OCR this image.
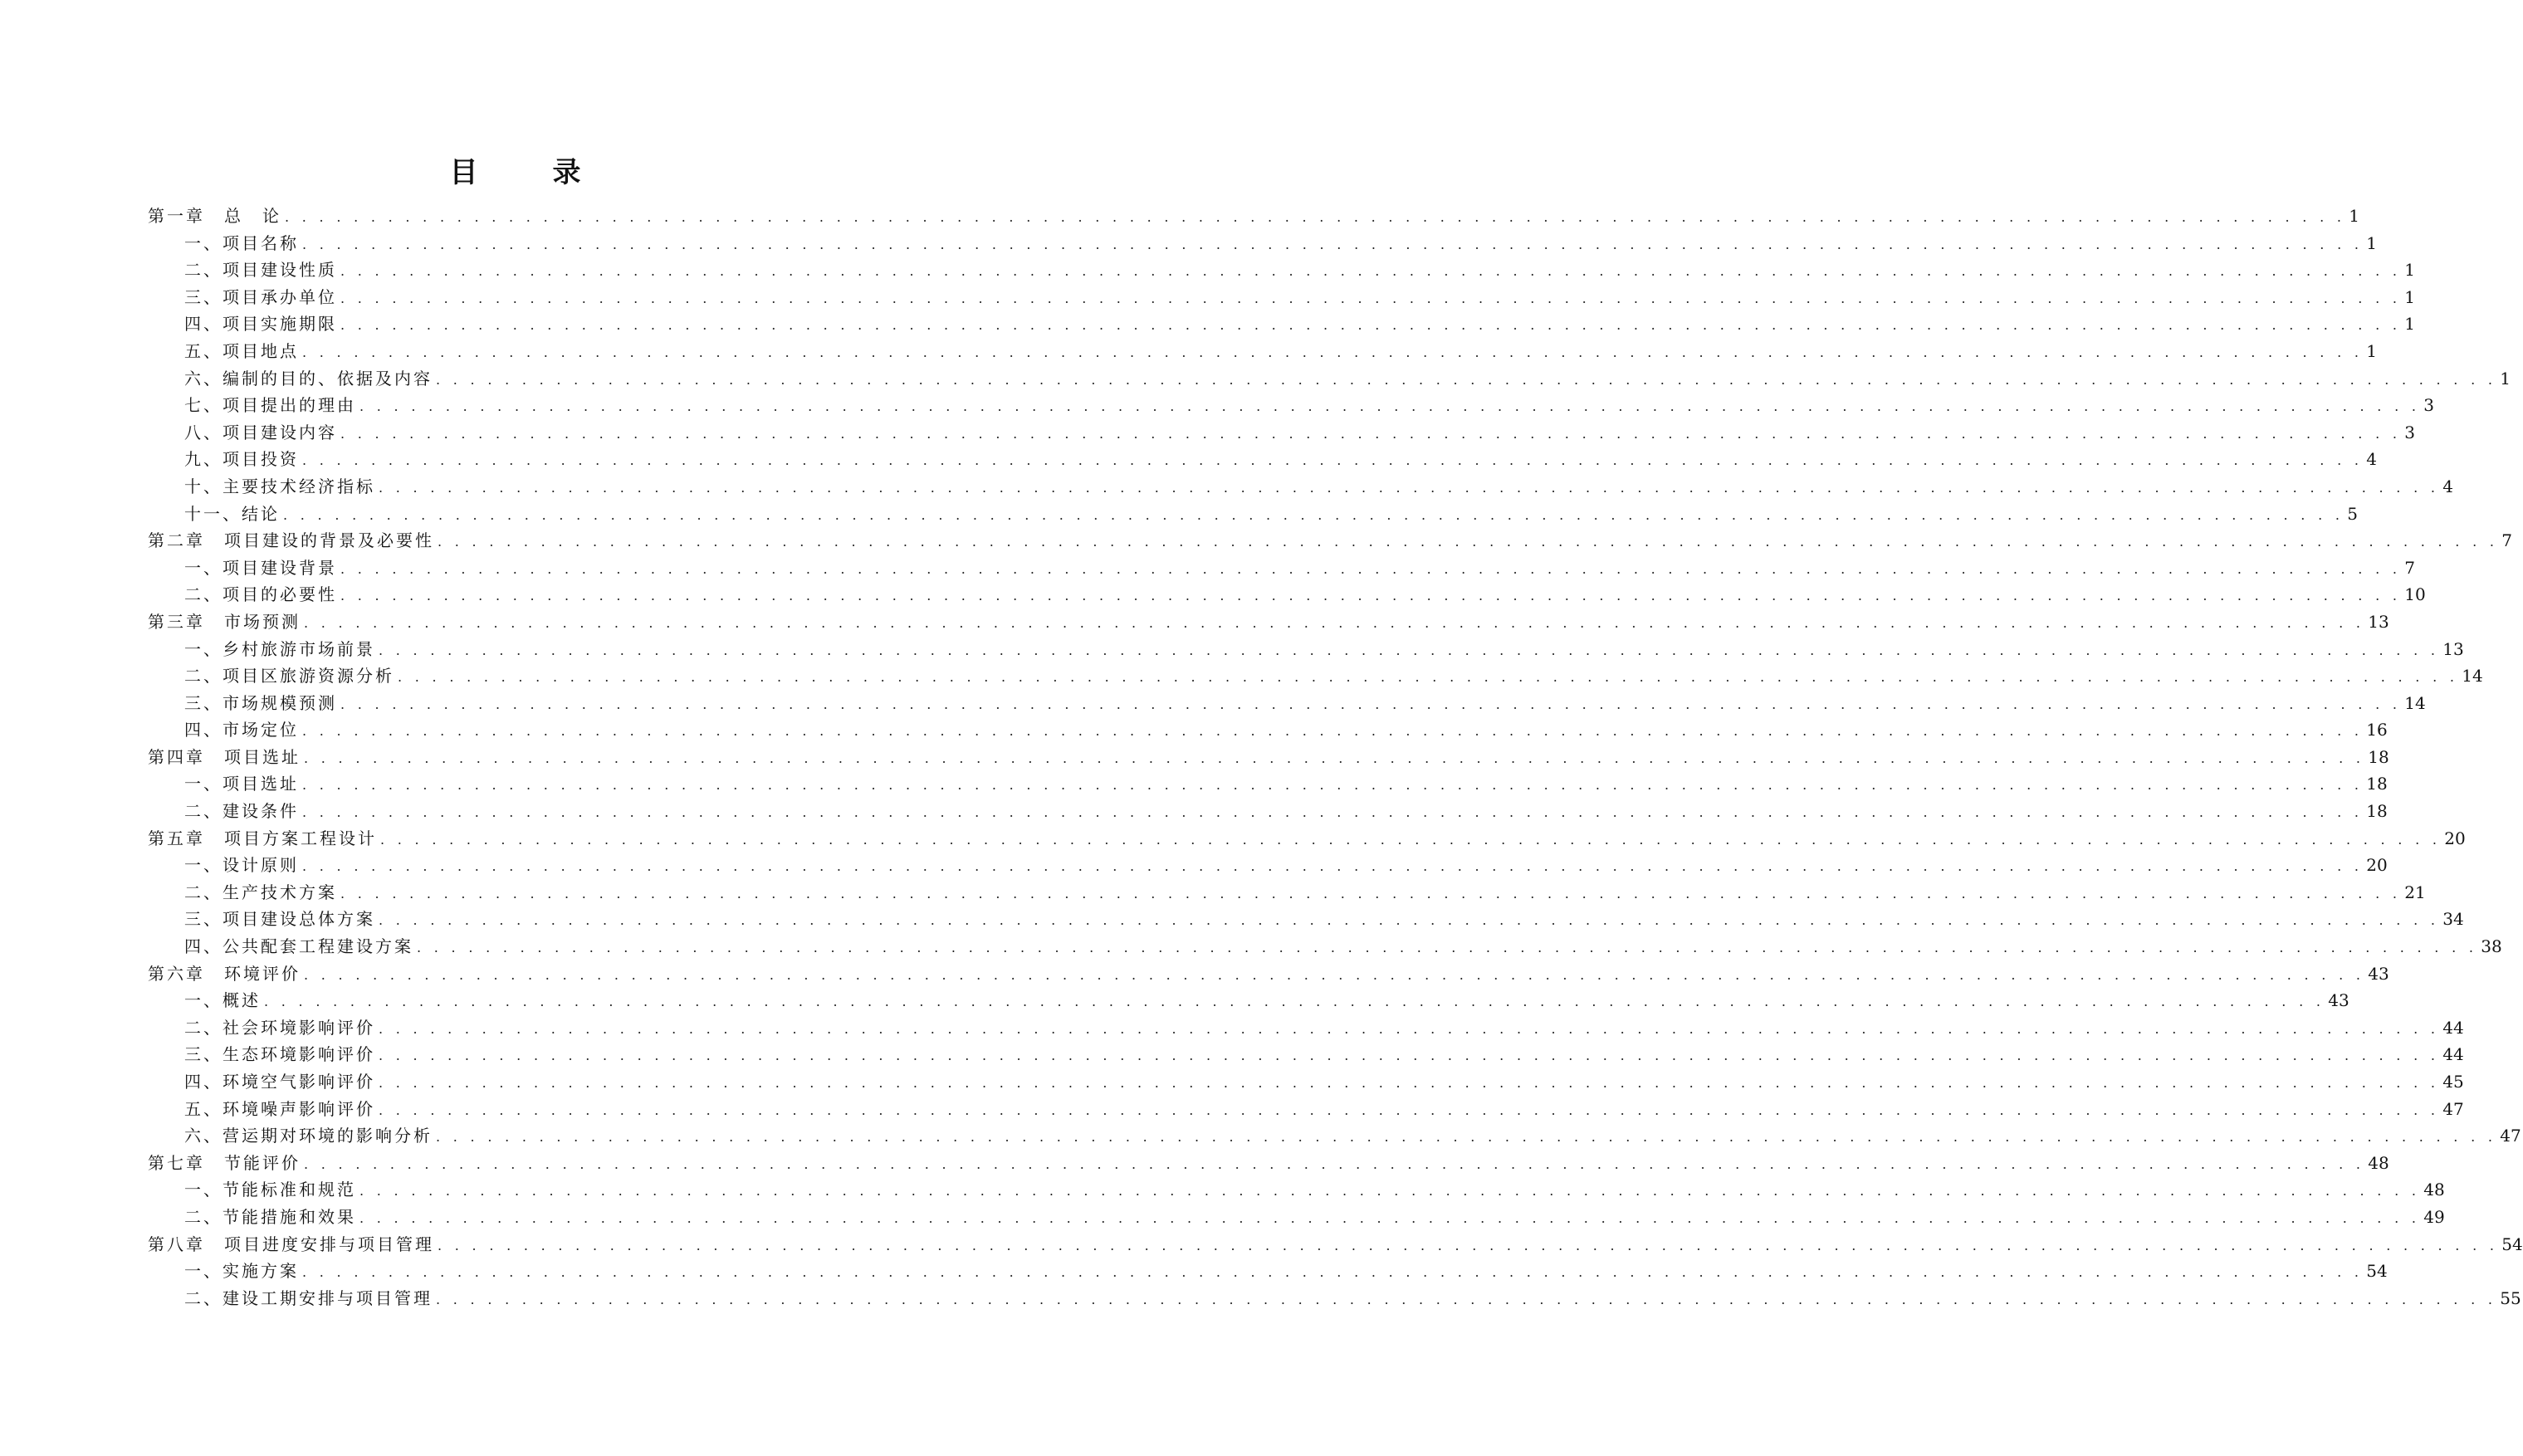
目　录
第一章　总　论 . . . . . . . . . . . . . . . . . . . . . . . . . . . . . . . . . . . . . . . . . . . . . . . . . . . . . . . . . . . . . . . . . . . . . . . . . . . . . . . . . . . . . . . . . . . . . . . . . . . . . . . . . . . . . . . . . . . . . . . . 1
一、项目名称 . . . . . . . . . . . . . . . . . . . . . . . . . . . . . . . . . . . . . . . . . . . . . . . . . . . . . . . . . . . . . . . . . . . . . . . . . . . . . . . . . . . . . . . . . . . . . . . . . . . . . . . . . . . . . . . . . . . . . . . . 1
二、项目建设性质 . . . . . . . . . . . . . . . . . . . . . . . . . . . . . . . . . . . . . . . . . . . . . . . . . . . . . . . . . . . . . . . . . . . . . . . . . . . . . . . . . . . . . . . . . . . . . . . . . . . . . . . . . . . . . . . . . . . . . . . . 1
三、项目承办单位 . . . . . . . . . . . . . . . . . . . . . . . . . . . . . . . . . . . . . . . . . . . . . . . . . . . . . . . . . . . . . . . . . . . . . . . . . . . . . . . . . . . . . . . . . . . . . . . . . . . . . . . . . . . . . . . . . . . . . . . . 1
四、项目实施期限 . . . . . . . . . . . . . . . . . . . . . . . . . . . . . . . . . . . . . . . . . . . . . . . . . . . . . . . . . . . . . . . . . . . . . . . . . . . . . . . . . . . . . . . . . . . . . . . . . . . . . . . . . . . . . . . . . . . . . . . . 1
五、项目地点 . . . . . . . . . . . . . . . . . . . . . . . . . . . . . . . . . . . . . . . . . . . . . . . . . . . . . . . . . . . . . . . . . . . . . . . . . . . . . . . . . . . . . . . . . . . . . . . . . . . . . . . . . . . . . . . . . . . . . . . . 1
六、编制的目的、依据及内容 . . . . . . . . . . . . . . . . . . . . . . . . . . . . . . . . . . . . . . . . . . . . . . . . . . . . . . . . . . . . . . . . . . . . . . . . . . . . . . . . . . . . . . . . . . . . . . . . . . . . . . . . . . . . . . . . . . . . . . . . 1
七、项目提出的理由 . . . . . . . . . . . . . . . . . . . . . . . . . . . . . . . . . . . . . . . . . . . . . . . . . . . . . . . . . . . . . . . . . . . . . . . . . . . . . . . . . . . . . . . . . . . . . . . . . . . . . . . . . . . . . . . . . . . . . . . . 3
八、项目建设内容 . . . . . . . . . . . . . . . . . . . . . . . . . . . . . . . . . . . . . . . . . . . . . . . . . . . . . . . . . . . . . . . . . . . . . . . . . . . . . . . . . . . . . . . . . . . . . . . . . . . . . . . . . . . . . . . . . . . . . . . . 3
九、项目投资 . . . . . . . . . . . . . . . . . . . . . . . . . . . . . . . . . . . . . . . . . . . . . . . . . . . . . . . . . . . . . . . . . . . . . . . . . . . . . . . . . . . . . . . . . . . . . . . . . . . . . . . . . . . . . . . . . . . . . . . . 4
十、主要技术经济指标 . . . . . . . . . . . . . . . . . . . . . . . . . . . . . . . . . . . . . . . . . . . . . . . . . . . . . . . . . . . . . . . . . . . . . . . . . . . . . . . . . . . . . . . . . . . . . . . . . . . . . . . . . . . . . . . . . . . . . . . . 4
十一、结论 . . . . . . . . . . . . . . . . . . . . . . . . . . . . . . . . . . . . . . . . . . . . . . . . . . . . . . . . . . . . . . . . . . . . . . . . . . . . . . . . . . . . . . . . . . . . . . . . . . . . . . . . . . . . . . . . . . . . . . . . 5
第二章　项目建设的背景及必要性 . . . . . . . . . . . . . . . . . . . . . . . . . . . . . . . . . . . . . . . . . . . . . . . . . . . . . . . . . . . . . . . . . . . . . . . . . . . . . . . . . . . . . . . . . . . . . . . . . . . . . . . . . . . . . . . . . . . . . . . . 7
一、项目建设背景 . . . . . . . . . . . . . . . . . . . . . . . . . . . . . . . . . . . . . . . . . . . . . . . . . . . . . . . . . . . . . . . . . . . . . . . . . . . . . . . . . . . . . . . . . . . . . . . . . . . . . . . . . . . . . . . . . . . . . . . . 7
二、项目的必要性 . . . . . . . . . . . . . . . . . . . . . . . . . . . . . . . . . . . . . . . . . . . . . . . . . . . . . . . . . . . . . . . . . . . . . . . . . . . . . . . . . . . . . . . . . . . . . . . . . . . . . . . . . . . . . . . . . . . . . . . . 10
第三章　市场预测 . . . . . . . . . . . . . . . . . . . . . . . . . . . . . . . . . . . . . . . . . . . . . . . . . . . . . . . . . . . . . . . . . . . . . . . . . . . . . . . . . . . . . . . . . . . . . . . . . . . . . . . . . . . . . . . . . . . . . . . . 13
一、乡村旅游市场前景 . . . . . . . . . . . . . . . . . . . . . . . . . . . . . . . . . . . . . . . . . . . . . . . . . . . . . . . . . . . . . . . . . . . . . . . . . . . . . . . . . . . . . . . . . . . . . . . . . . . . . . . . . . . . . . . . . . . . . . . . 13
二、项目区旅游资源分析 . . . . . . . . . . . . . . . . . . . . . . . . . . . . . . . . . . . . . . . . . . . . . . . . . . . . . . . . . . . . . . . . . . . . . . . . . . . . . . . . . . . . . . . . . . . . . . . . . . . . . . . . . . . . . . . . . . . . . . . . 14
三、市场规模预测 . . . . . . . . . . . . . . . . . . . . . . . . . . . . . . . . . . . . . . . . . . . . . . . . . . . . . . . . . . . . . . . . . . . . . . . . . . . . . . . . . . . . . . . . . . . . . . . . . . . . . . . . . . . . . . . . . . . . . . . . 14
四、市场定位 . . . . . . . . . . . . . . . . . . . . . . . . . . . . . . . . . . . . . . . . . . . . . . . . . . . . . . . . . . . . . . . . . . . . . . . . . . . . . . . . . . . . . . . . . . . . . . . . . . . . . . . . . . . . . . . . . . . . . . . . 16
第四章　项目选址 . . . . . . . . . . . . . . . . . . . . . . . . . . . . . . . . . . . . . . . . . . . . . . . . . . . . . . . . . . . . . . . . . . . . . . . . . . . . . . . . . . . . . . . . . . . . . . . . . . . . . . . . . . . . . . . . . . . . . . . . 18
一、项目选址 . . . . . . . . . . . . . . . . . . . . . . . . . . . . . . . . . . . . . . . . . . . . . . . . . . . . . . . . . . . . . . . . . . . . . . . . . . . . . . . . . . . . . . . . . . . . . . . . . . . . . . . . . . . . . . . . . . . . . . . . 18
二、建设条件 . . . . . . . . . . . . . . . . . . . . . . . . . . . . . . . . . . . . . . . . . . . . . . . . . . . . . . . . . . . . . . . . . . . . . . . . . . . . . . . . . . . . . . . . . . . . . . . . . . . . . . . . . . . . . . . . . . . . . . . . 18
第五章　项目方案工程设计 . . . . . . . . . . . . . . . . . . . . . . . . . . . . . . . . . . . . . . . . . . . . . . . . . . . . . . . . . . . . . . . . . . . . . . . . . . . . . . . . . . . . . . . . . . . . . . . . . . . . . . . . . . . . . . . . . . . . . . . . 20
一、设计原则 . . . . . . . . . . . . . . . . . . . . . . . . . . . . . . . . . . . . . . . . . . . . . . . . . . . . . . . . . . . . . . . . . . . . . . . . . . . . . . . . . . . . . . . . . . . . . . . . . . . . . . . . . . . . . . . . . . . . . . . . 20
二、生产技术方案 . . . . . . . . . . . . . . . . . . . . . . . . . . . . . . . . . . . . . . . . . . . . . . . . . . . . . . . . . . . . . . . . . . . . . . . . . . . . . . . . . . . . . . . . . . . . . . . . . . . . . . . . . . . . . . . . . . . . . . . . 21
三、项目建设总体方案 . . . . . . . . . . . . . . . . . . . . . . . . . . . . . . . . . . . . . . . . . . . . . . . . . . . . . . . . . . . . . . . . . . . . . . . . . . . . . . . . . . . . . . . . . . . . . . . . . . . . . . . . . . . . . . . . . . . . . . . . 34
四、公共配套工程建设方案 . . . . . . . . . . . . . . . . . . . . . . . . . . . . . . . . . . . . . . . . . . . . . . . . . . . . . . . . . . . . . . . . . . . . . . . . . . . . . . . . . . . . . . . . . . . . . . . . . . . . . . . . . . . . . . . . . . . . . . . . 38
第六章　环境评价 . . . . . . . . . . . . . . . . . . . . . . . . . . . . . . . . . . . . . . . . . . . . . . . . . . . . . . . . . . . . . . . . . . . . . . . . . . . . . . . . . . . . . . . . . . . . . . . . . . . . . . . . . . . . . . . . . . . . . . . . 43
一、概述 . . . . . . . . . . . . . . . . . . . . . . . . . . . . . . . . . . . . . . . . . . . . . . . . . . . . . . . . . . . . . . . . . . . . . . . . . . . . . . . . . . . . . . . . . . . . . . . . . . . . . . . . . . . . . . . . . . . . . . . . 43
二、社会环境影响评价 . . . . . . . . . . . . . . . . . . . . . . . . . . . . . . . . . . . . . . . . . . . . . . . . . . . . . . . . . . . . . . . . . . . . . . . . . . . . . . . . . . . . . . . . . . . . . . . . . . . . . . . . . . . . . . . . . . . . . . . . 44
三、生态环境影响评价 . . . . . . . . . . . . . . . . . . . . . . . . . . . . . . . . . . . . . . . . . . . . . . . . . . . . . . . . . . . . . . . . . . . . . . . . . . . . . . . . . . . . . . . . . . . . . . . . . . . . . . . . . . . . . . . . . . . . . . . . 44
四、环境空气影响评价 . . . . . . . . . . . . . . . . . . . . . . . . . . . . . . . . . . . . . . . . . . . . . . . . . . . . . . . . . . . . . . . . . . . . . . . . . . . . . . . . . . . . . . . . . . . . . . . . . . . . . . . . . . . . . . . . . . . . . . . . 45
五、环境噪声影响评价 . . . . . . . . . . . . . . . . . . . . . . . . . . . . . . . . . . . . . . . . . . . . . . . . . . . . . . . . . . . . . . . . . . . . . . . . . . . . . . . . . . . . . . . . . . . . . . . . . . . . . . . . . . . . . . . . . . . . . . . . 47
六、营运期对环境的影响分析 . . . . . . . . . . . . . . . . . . . . . . . . . . . . . . . . . . . . . . . . . . . . . . . . . . . . . . . . . . . . . . . . . . . . . . . . . . . . . . . . . . . . . . . . . . . . . . . . . . . . . . . . . . . . . . . . . . . . . . . . 47
第七章　节能评价 . . . . . . . . . . . . . . . . . . . . . . . . . . . . . . . . . . . . . . . . . . . . . . . . . . . . . . . . . . . . . . . . . . . . . . . . . . . . . . . . . . . . . . . . . . . . . . . . . . . . . . . . . . . . . . . . . . . . . . . . 48
一、节能标准和规范 . . . . . . . . . . . . . . . . . . . . . . . . . . . . . . . . . . . . . . . . . . . . . . . . . . . . . . . . . . . . . . . . . . . . . . . . . . . . . . . . . . . . . . . . . . . . . . . . . . . . . . . . . . . . . . . . . . . . . . . . 48
二、节能措施和效果 . . . . . . . . . . . . . . . . . . . . . . . . . . . . . . . . . . . . . . . . . . . . . . . . . . . . . . . . . . . . . . . . . . . . . . . . . . . . . . . . . . . . . . . . . . . . . . . . . . . . . . . . . . . . . . . . . . . . . . . . 49
第八章　项目进度安排与项目管理 . . . . . . . . . . . . . . . . . . . . . . . . . . . . . . . . . . . . . . . . . . . . . . . . . . . . . . . . . . . . . . . . . . . . . . . . . . . . . . . . . . . . . . . . . . . . . . . . . . . . . . . . . . . . . . . . . . . . . . . . 54
一、实施方案 . . . . . . . . . . . . . . . . . . . . . . . . . . . . . . . . . . . . . . . . . . . . . . . . . . . . . . . . . . . . . . . . . . . . . . . . . . . . . . . . . . . . . . . . . . . . . . . . . . . . . . . . . . . . . . . . . . . . . . . . 54
二、建设工期安排与项目管理 . . . . . . . . . . . . . . . . . . . . . . . . . . . . . . . . . . . . . . . . . . . . . . . . . . . . . . . . . . . . . . . . . . . . . . . . . . . . . . . . . . . . . . . . . . . . . . . . . . . . . . . . . . . . . . . . . . . . . . . . 55
